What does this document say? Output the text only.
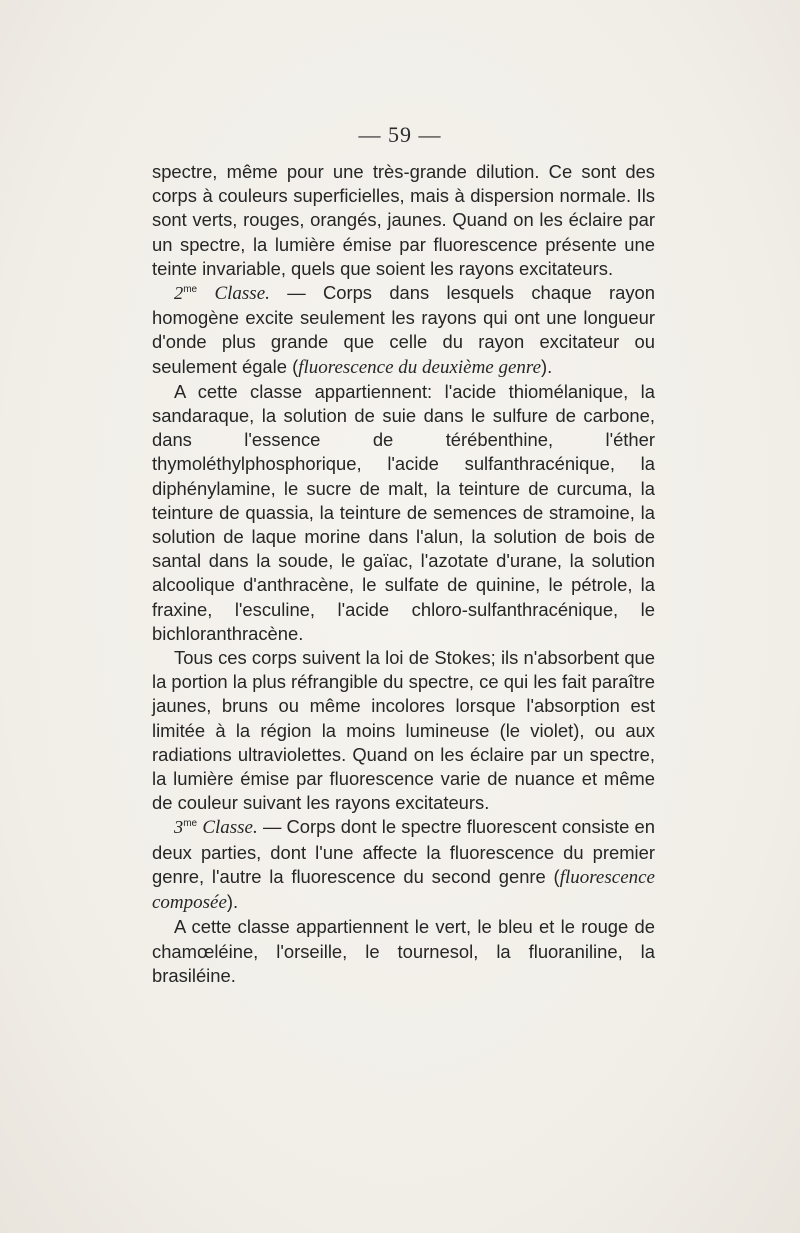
— 59 —

spectre, même pour une très-grande dilution. Ce sont des corps à couleurs superficielles, mais à dispersion normale. Ils sont verts, rouges, orangés, jaunes. Quand on les éclaire par un spectre, la lumière émise par fluorescence présente une teinte invariable, quels que soient les rayons excitateurs.

$2^{me}$ Classe. — Corps dans lesquels chaque rayon homogène excite seulement les rayons qui ont une longueur d'onde plus grande que celle du rayon excitateur ou seulement égale (fluorescence du deuxième genre).

A cette classe appartiennent: l'acide thiomélanique, la sandaraque, la solution de suie dans le sulfure de carbone, dans l'essence de térébenthine, l'éther thymoléthylphosphorique, l'acide sulfanthracénique, la diphénylamine, le sucre de malt, la teinture de curcuma, la teinture de quassia, la teinture de semences de stramoine, la solution de laque morine dans l'alun, la solution de bois de santal dans la soude, le gaïac, l'azotate d'urane, la solution alcoolique d'anthracène, le sulfate de quinine, le pétrole, la fraxine, l'esculine, l'acide chloro-sulfanthracénique, le bichloranthracène.

Tous ces corps suivent la loi de Stokes; ils n'absorbent que la portion la plus réfrangible du spectre, ce qui les fait paraître jaunes, bruns ou même incolores lorsque l'absorption est limitée à la région la moins lumineuse (le violet), ou aux radiations ultraviolettes. Quand on les éclaire par un spectre, la lumière émise par fluorescence varie de nuance et même de couleur suivant les rayons excitateurs.

$3^{me}$ Classe. — Corps dont le spectre fluorescent consiste en deux parties, dont l'une affecte la fluorescence du premier genre, l'autre la fluorescence du second genre (fluorescence composée).

A cette classe appartiennent le vert, le bleu et le rouge de chamœléine, l'orseille, le tournesol, la fluoraniline, la brasiléine.
